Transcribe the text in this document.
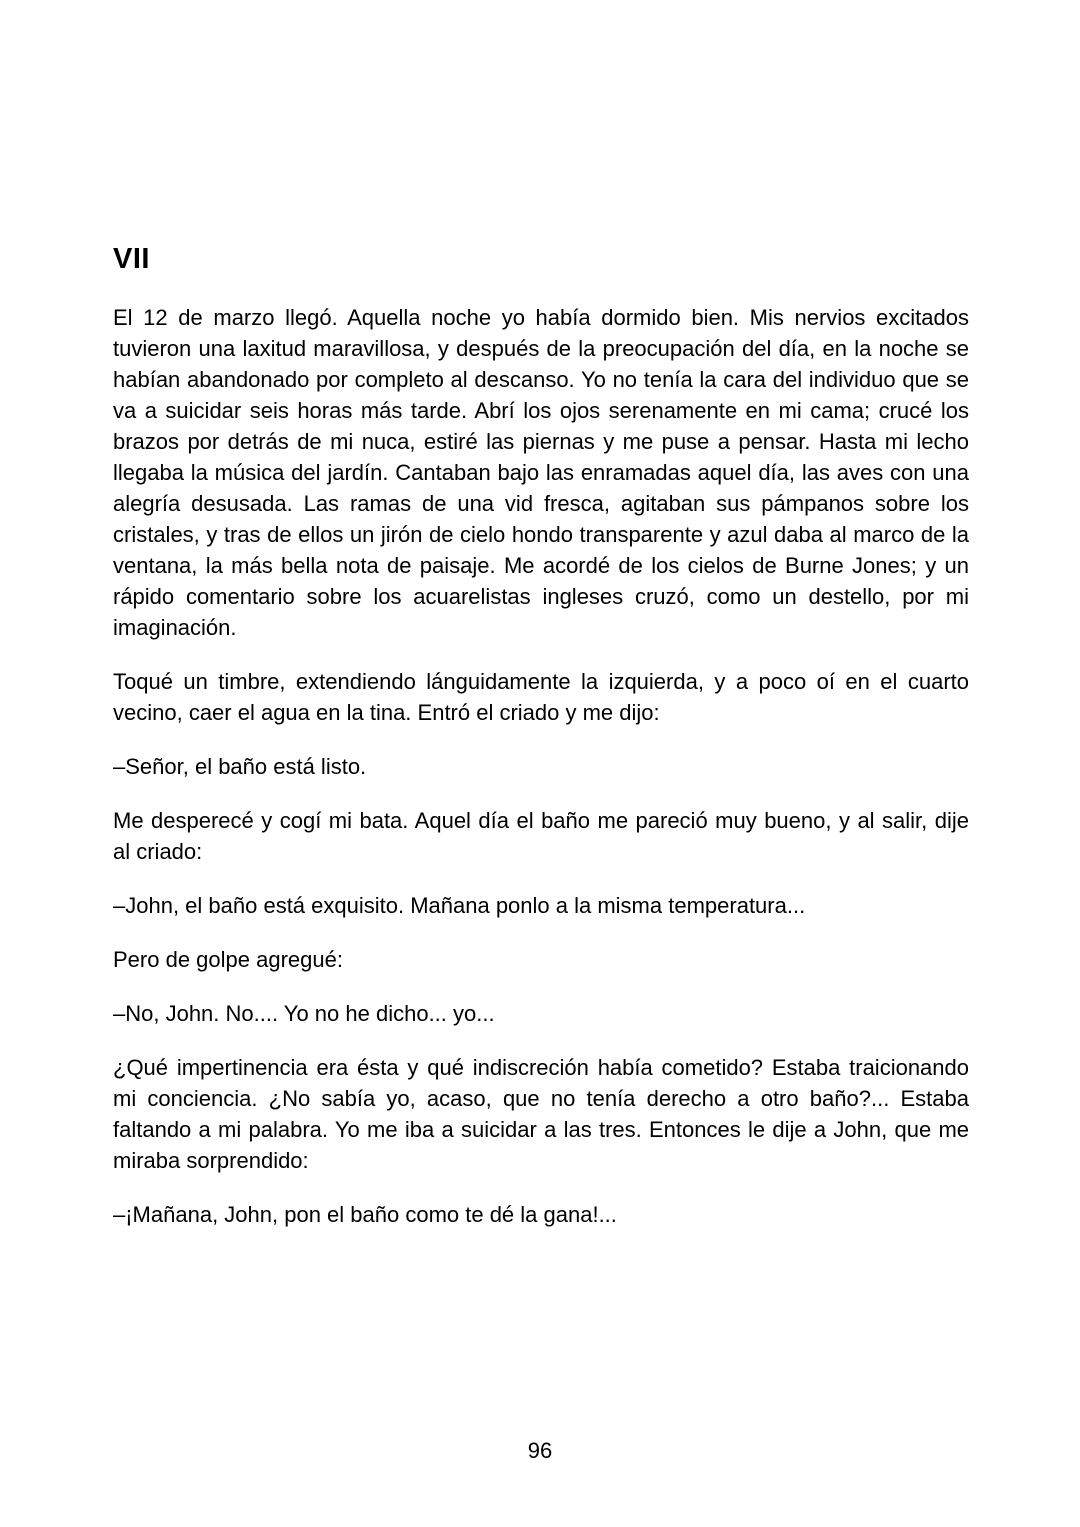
VII

El 12 de marzo llegó. Aquella noche yo había dormido bien. Mis nervios excitados tuvieron una laxitud maravillosa, y después de la preocupación del día, en la noche se habían abandonado por completo al descanso. Yo no tenía la cara del individuo que se va a suicidar seis horas más tarde. Abrí los ojos serenamente en mi cama; crucé los brazos por detrás de mi nuca, estiré las piernas y me puse a pensar. Hasta mi lecho llegaba la música del jardín. Cantaban bajo las enramadas aquel día, las aves con una alegría desusada. Las ramas de una vid fresca, agitaban sus pámpanos sobre los cristales, y tras de ellos un jirón de cielo hondo transparente y azul daba al marco de la ventana, la más bella nota de paisaje. Me acordé de los cielos de Burne Jones; y un rápido comentario sobre los acuarelistas ingleses cruzó, como un destello, por mi imaginación.

Toqué un timbre, extendiendo lánguidamente la izquierda, y a poco oí en el cuarto vecino, caer el agua en la tina. Entró el criado y me dijo:

–Señor, el baño está listo.

Me desperecé y cogí mi bata. Aquel día el baño me pareció muy bueno, y al salir, dije al criado:

–John, el baño está exquisito. Mañana ponlo a la misma temperatura...

Pero de golpe agregué:

–No, John. No.... Yo no he dicho... yo...

¿Qué impertinencia era ésta y qué indiscreción había cometido? Estaba traicionando mi conciencia. ¿No sabía yo, acaso, que no tenía derecho a otro baño?... Estaba faltando a mi palabra. Yo me iba a suicidar a las tres. Entonces le dije a John, que me miraba sorprendido:

–¡Mañana, John, pon el baño como te dé la gana!...

96
